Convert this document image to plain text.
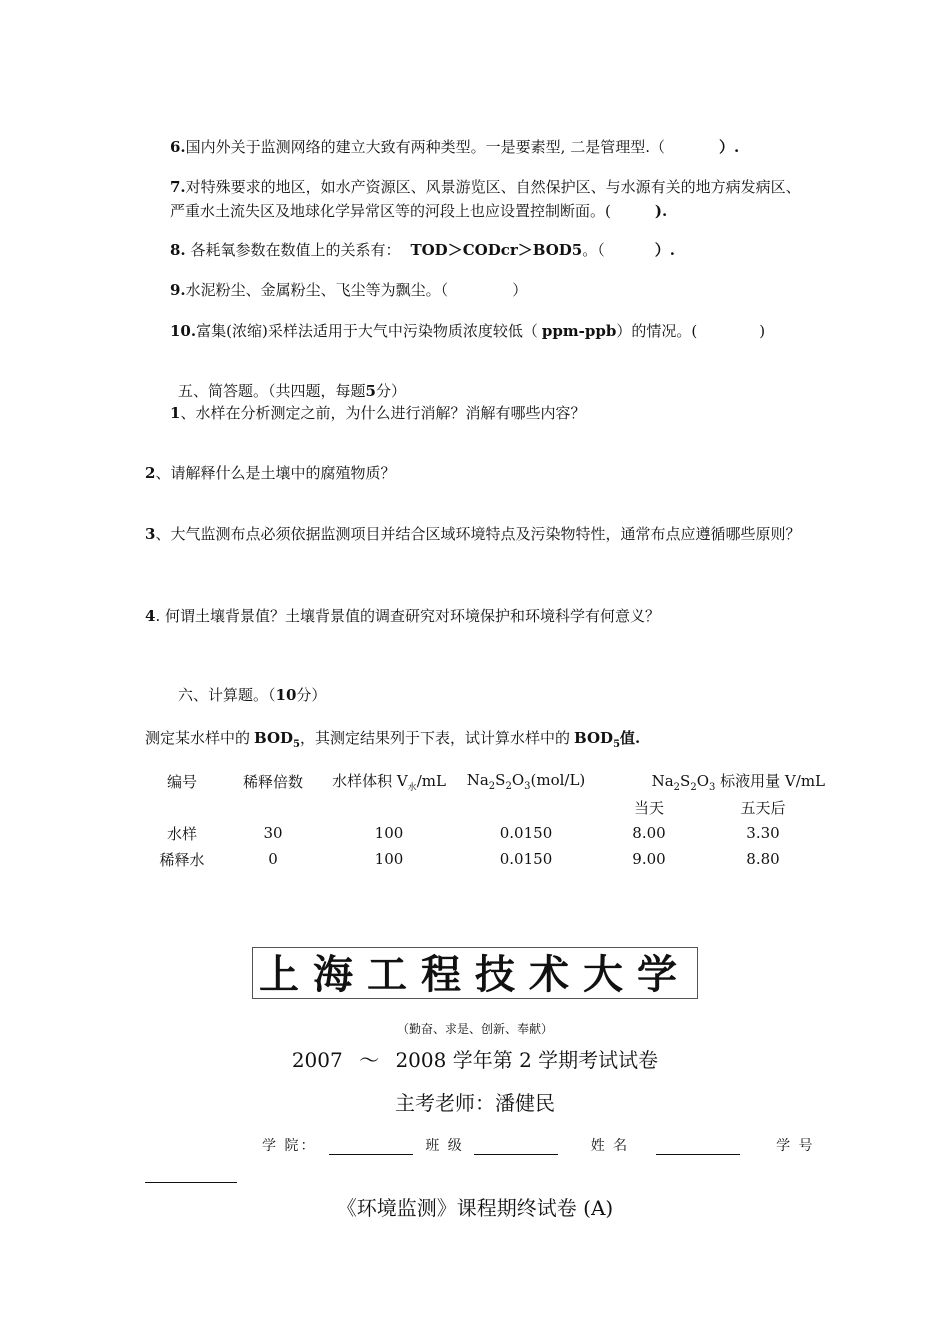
6.国内外关于监测网络的建立大致有两种类型。一是要素型, 二是管理型.（	）.
7.对特殊要求的地区，如水产资源区、风景游览区、自然保护区、与水源有关的地方病发病区、严重水土流失区及地球化学异常区等的河段上也应设置控制断面。(	).
8. 各耗氧参数在数值上的关系有： TOD＞CODcr＞BOD5。（	）.
9.水泥粉尘、金属粉尘、飞尘等为飘尘。（	）
10.富集(浓缩)采样法适用于大气中污染物质浓度较低（ ppm-ppb）的情况。(	)
五、简答题。（共四题，每题5分）
1、水样在分析测定之前，为什么进行消解？消解有哪些内容？
2、请解释什么是土壤中的腐殖物质？
3、大气监测布点必须依据监测项目并结合区域环境特点及污染物特性，通常布点应遵循哪些原则？
4. 何谓土壤背景值？土壤背景值的调查研究对环境保护和环境科学有何意义？
六、计算题。（10分）
测定某水样中的 $BOD_5$，其测定结果列于下表，试计算水样中的 $BOD_5$值.
编号	稀释倍数	水样体积 $V_水/mL$	$Na_2S_2O_3(mol/L)$	$Na_2S_2O_3$ 标液用量 V/mL	
				当天	五天后
水样	30	100	0.0150	8.00	3.30
稀释水	0	100	0.0150	9.00	8.80
上海工程技术大学
（勤奋、求是、创新、奉献）
2007 ～ 2008 学年第 2 学期考试试卷
主考老师：潘健民
学 院：	班 级	姓 名	学 号
《环境监测》课程期终试卷 (A)
